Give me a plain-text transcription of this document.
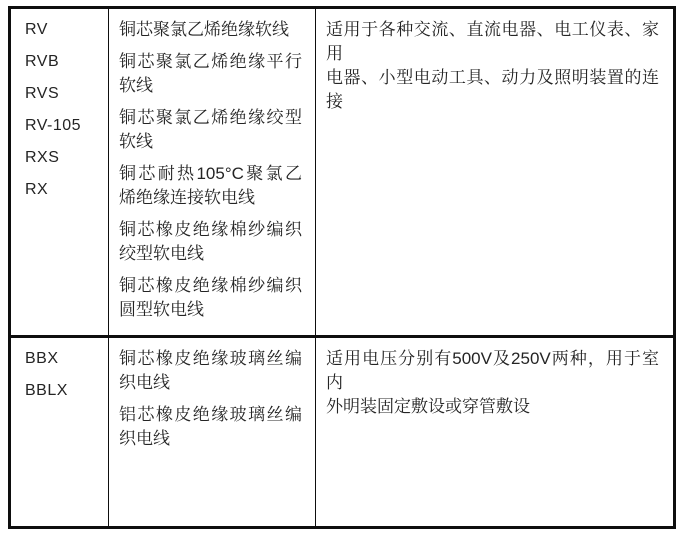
RV
RVB
RVS
RV-105
RXS
RX
铜芯聚氯乙烯绝缘软线
铜芯聚氯乙烯绝缘平行
软线
铜芯聚氯乙烯绝缘绞型
软线
铜芯耐热105°C聚氯乙
烯绝缘连接软电线
铜芯橡皮绝缘棉纱编织
绞型软电线
铜芯橡皮绝缘棉纱编织
圆型软电线
适用于各种交流、直流电器、电工仪表、家用
电器、小型电动工具、动力及照明装置的连接
BBX
BBLX
铜芯橡皮绝缘玻璃丝编
织电线
铝芯橡皮绝缘玻璃丝编
织电线
适用电压分别有500V及250V两种，用于室内
外明装固定敷设或穿管敷设
